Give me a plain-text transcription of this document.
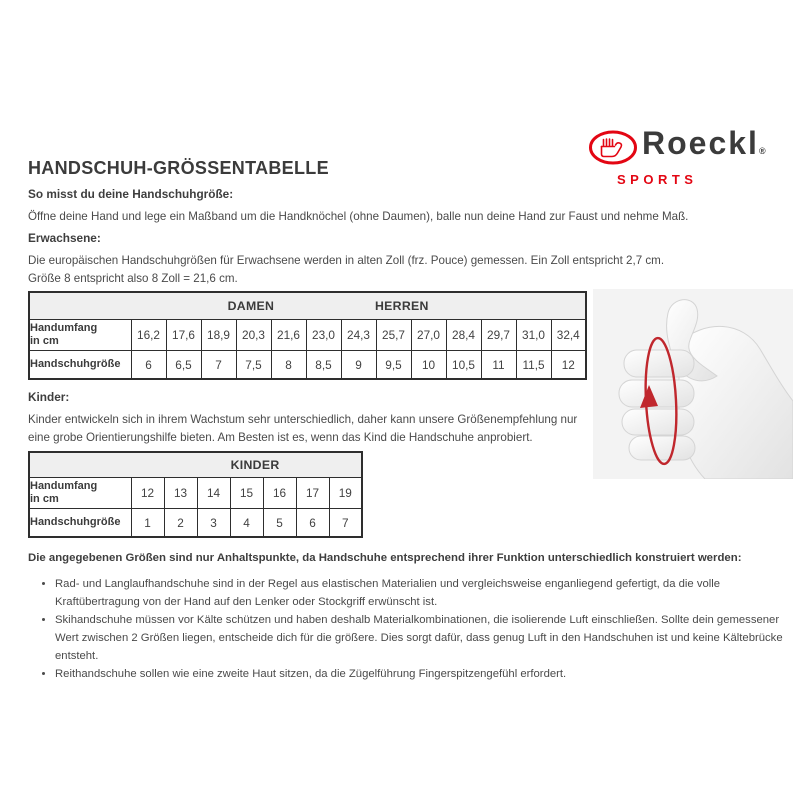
Roeckl®
SPORTS
HANDSCHUH-GRÖSSENTABELLE
So misst du deine Handschuhgröße:

Öffne deine Hand und lege ein Maßband um die Handknöchel (ohne Daumen), balle nun deine Hand zur Faust und nehme Maß.

Erwachsene:

Die europäischen Handschuhgrößen für Erwachsene werden in alten Zoll (frz. Pouce) gemessen. Ein Zoll entspricht 2,7 cm.

Größe 8 entspricht also 8 Zoll = 21,6 cm.

DAMEN HERREN													

Handumfang
in cm	16,2	17,6	18,9	20,3	21,6	23,0	24,3	25,7	27,0	28,4	29,7	31,0	32,4
Handschuhgröße	6	6,5	7	7,5	8	8,5	9	9,5	10	10,5	11	11,5	12
Kinder:

Kinder entwickeln sich in ihrem Wachstum sehr unterschiedlich, daher kann unsere Größenempfehlung nur eine grobe Orientierungshilfe bieten. Am Besten ist es, wenn das Kind die Handschuhe anprobiert.

KINDER							

Handumfang
in cm	12	13	14	15	16	17	19
Handschuhgröße	1	2	3	4	5	6	7

Die angegebenen Größen sind nur Anhaltspunkte, da Handschuhe entsprechend ihrer Funktion unterschiedlich konstruiert werden:

• Rad- und Langlaufhandschuhe sind in der Regel aus elastischen Materialien und vergleichsweise enganliegend gefertigt, da die volle Kraftübertragung von der Hand auf den Lenker oder Stockgriff erwünscht ist.
• Skihandschuhe müssen vor Kälte schützen und haben deshalb Materialkombinationen, die isolierende Luft einschließen. Sollte dein gemessener Wert zwischen 2 Größen liegen, entscheide dich für die größere. Dies sorgt dafür, dass genug Luft in den Handschuhen ist und keine Kältebrücke entsteht.
• Reithandschuhe sollen wie eine zweite Haut sitzen, da die Zügelführung Fingerspitzengefühl erfordert.
